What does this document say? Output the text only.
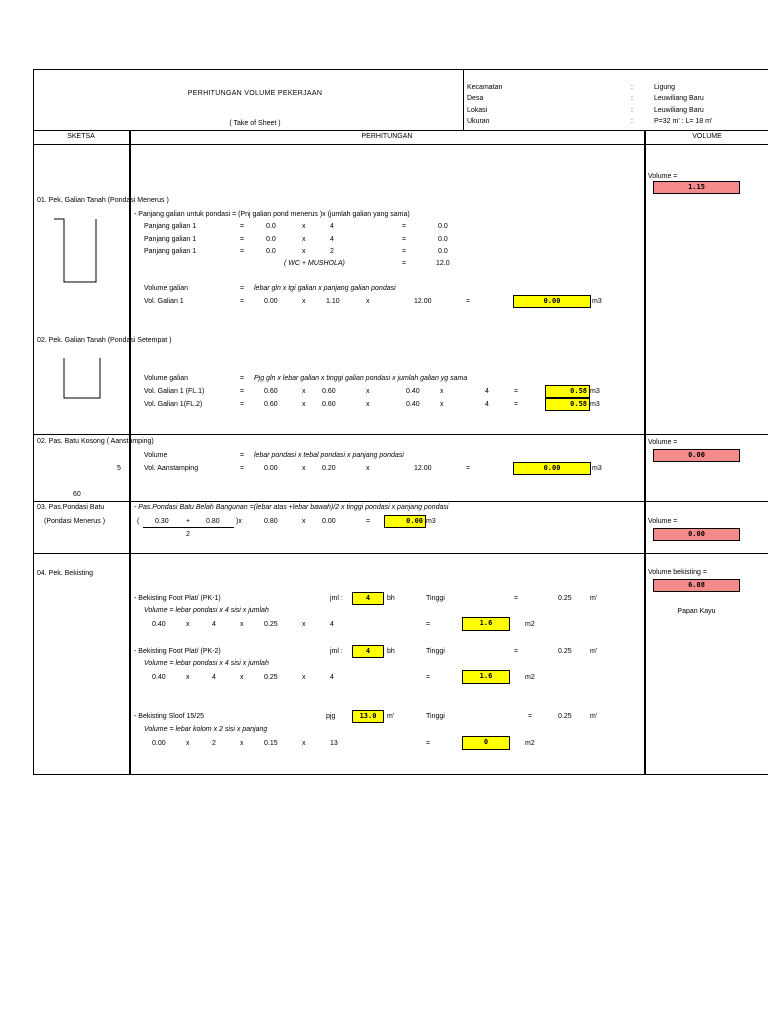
PERHITUNGAN VOLUME PEKERJAAN
( Take of Sheet )
Kecamatan	:	Ligung
Desa	:	Leuwiliang Baru
Lokasi	:	Leuwiliang Baru
Ukuran	:	P=32 m' : L= 18 m'
SKETSA	PERHITUNGAN	VOLUME
01. Pek. Galian Tanah (Pondasi Menerus )
- Panjang galian untuk pondasi = (Pnj galian pond menerus )x (jumlah galian yang sama)
Panjang galian 1	=	0.0	x	4	=	0.0
Panjang galian 1	=	0.0	x	4	=	0.0
Panjang galian 1	=	0.0	x	2	=	0.0
( WC + MUSHOLA)	=	12.0
Volume galian	= lebar gln x tgi galian x panjang galian pondasi
Vol. Galian 1	=	0.00	x	1.10	x	12.00	=	0.00	m3
Volume =
1.15
02. Pek. Galian Tanah (Pondasi Setempat )
Volume galian	= Pjg gln x lebar galian x tinggi galian pondasi x jumlah galian yg sama
Vol. Galian 1 (FL.1)	=	0.60	x 0.60	x	0.40	x	4	=	0.58 m3
Vol. Galian 1(FL.2)	=	0.60	x 0.60	x	0.40	x	4	=	0.58 m3
02. Pas. Batu Kosong ( Aanstamping)
5
60
Volume	= lebar pondasi x tebal pondasi x panjang pondasi
Vol. Aanstamping	=	0.00	x 0.20	x	12.00	=	0.00	m3
Volume =
0.00
03. Pas.Pondasi Batu
(Pondasi Menerus )
- Pas.Pondasi Batu Belah Bangunan =(lebar atas +lebar bawah)/2 x tinggi pondasi x panjang pondasi
( 0.30 + 0.80 )x
2
0.80	x 0.00	=	0.00 m3	Volume =
0.00
04. Pek. Bekisting	Volume bekisting =
6.08
Papan Kayu
- Bekisting Foot Plat/ (PK-1)	jml :	4	bh	Tinggi	=	0.25	m'
Volume = lebar pondasi x 4 sisi x jumlah
0.40	x	4	x	0.25	x	4	=	1.6	m2
- Bekisting Foot Plat/ (PK-2)	jml :	4	bh	Tinggi	=	0.25	m'
Volume = lebar pondasi x 4 sisi x jumlah
0.40	x	4	x	0.25	x	4	=	1.6	m2
- Bekisting Sloof 15/25	pjg	13.0	m'	Tinggi	=	0.25	m'
Volume = lebar kolom x 2 sisi x panjang
0.00	x	2	x	0.15	x	13	=	0	m2
